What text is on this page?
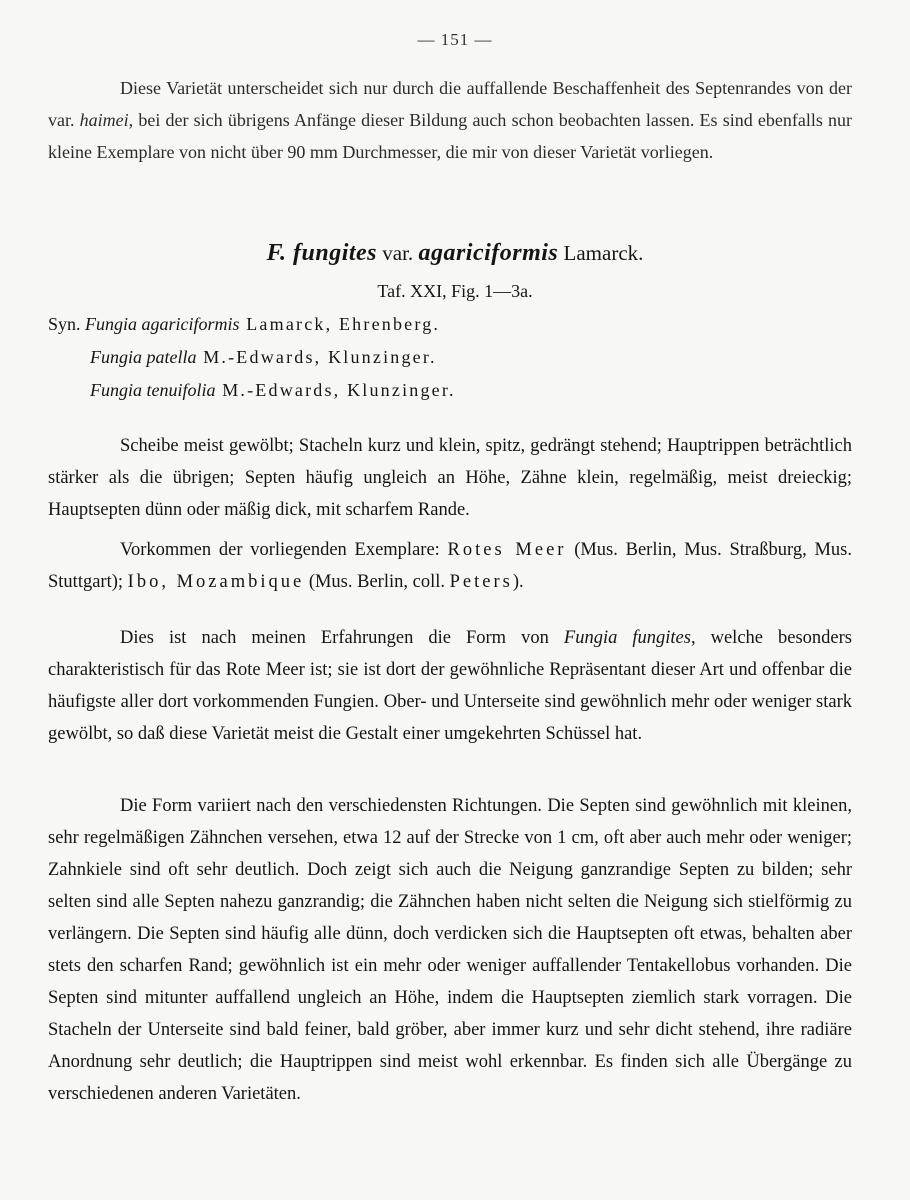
— 151 —

Diese Varietät unterscheidet sich nur durch die auffallende Beschaffenheit des Septenrandes von der var. haimei, bei der sich übrigens Anfänge dieser Bildung auch schon beobachten lassen. Es sind ebenfalls nur kleine Exemplare von nicht über 90 mm Durchmesser, die mir von dieser Varietät vorliegen.

F. fungites var. agariciformis Lamarck.
Taf. XXI, Fig. 1—3a.
Syn. Fungia agariciformis Lamarck, Ehrenberg.
Fungia patella M.-Edwards, Klunzinger.
Fungia tenuifolia M.-Edwards, Klunzinger.

Scheibe meist gewölbt; Stacheln kurz und klein, spitz, gedrängt stehend; Hauptrippen beträchtlich stärker als die übrigen; Septen häufig ungleich an Höhe, Zähne klein, regelmäßig, meist dreieckig; Hauptsepten dünn oder mäßig dick, mit scharfem Rande.

Vorkommen der vorliegenden Exemplare: Rotes Meer (Mus. Berlin, Mus. Straßburg, Mus. Stuttgart); Ibo, Mozambique (Mus. Berlin, coll. Peters).

Dies ist nach meinen Erfahrungen die Form von Fungia fungites, welche besonders charakteristisch für das Rote Meer ist; sie ist dort der gewöhnliche Repräsentant dieser Art und offenbar die häufigste aller dort vorkommenden Fungien. Ober- und Unterseite sind gewöhnlich mehr oder weniger stark gewölbt, so daß diese Varietät meist die Gestalt einer umgekehrten Schüssel hat.

Die Form variiert nach den verschiedensten Richtungen. Die Septen sind gewöhnlich mit kleinen, sehr regelmäßigen Zähnchen versehen, etwa 12 auf der Strecke von 1 cm, oft aber auch mehr oder weniger; Zahnkiele sind oft sehr deutlich. Doch zeigt sich auch die Neigung ganzrandige Septen zu bilden; sehr selten sind alle Septen nahezu ganzrandig; die Zähnchen haben nicht selten die Neigung sich stielförmig zu verlängern. Die Septen sind häufig alle dünn, doch verdicken sich die Hauptsepten oft etwas, behalten aber stets den scharfen Rand; gewöhnlich ist ein mehr oder weniger auffallender Tentakellobus vorhanden. Die Septen sind mitunter auffallend ungleich an Höhe, indem die Hauptsepten ziemlich stark vorragen. Die Stacheln der Unterseite sind bald feiner, bald gröber, aber immer kurz und sehr dicht stehend, ihre radiäre Anordnung sehr deutlich; die Hauptrippen sind meist wohl erkennbar. Es finden sich alle Übergänge zu verschiedenen anderen Varietäten.
